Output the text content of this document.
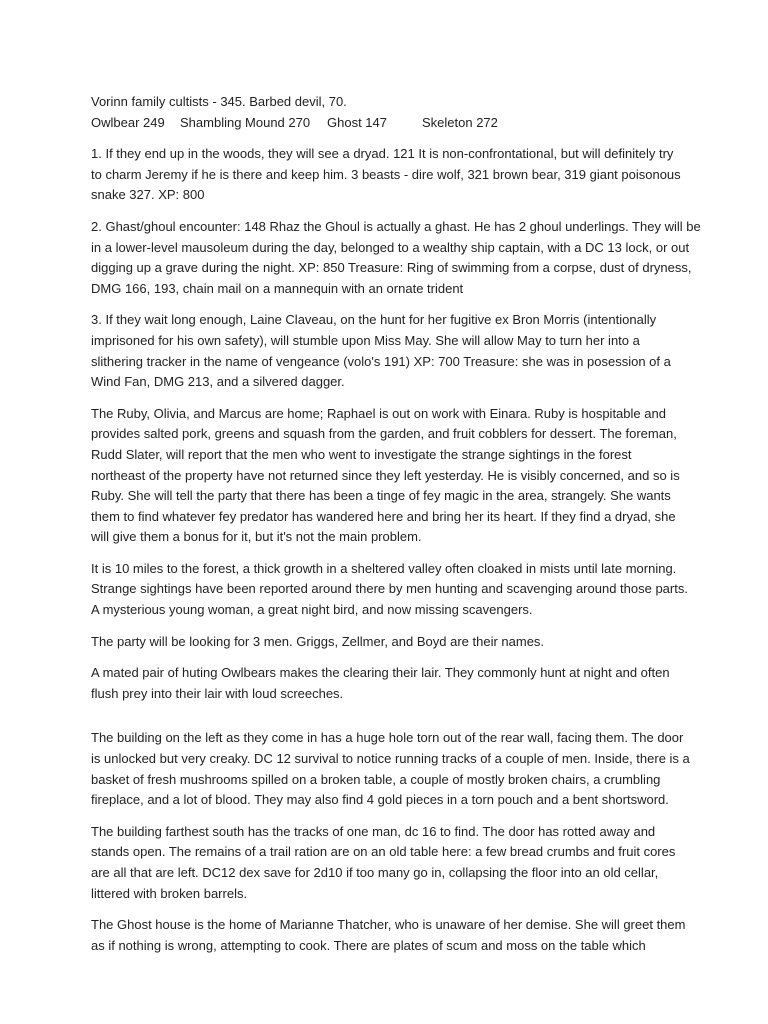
Vorinn family cultists - 345. Barbed devil, 70.
Owlbear 249	Shambling Mound 270	Ghost 147	Skeleton 272
1. If they end up in the woods, they will see a dryad. 121 It is non-confrontational, but will definitely try
to charm Jeremy if he is there and keep him. 3 beasts - dire wolf, 321 brown bear, 319 giant poisonous
snake 327. XP: 800
2. Ghast/ghoul encounter: 148 Rhaz the Ghoul is actually a ghast. He has 2 ghoul underlings. They will be
in a lower-level mausoleum during the day, belonged to a wealthy ship captain, with a DC 13 lock, or out
digging up a grave during the night. XP: 850 Treasure: Ring of swimming from a corpse, dust of dryness,
DMG 166, 193, chain mail on a mannequin with an ornate trident
3. If they wait long enough, Laine Claveau, on the hunt for her fugitive ex Bron Morris (intentionally
imprisoned for his own safety), will stumble upon Miss May. She will allow May to turn her into a
slithering tracker in the name of vengeance (volo's 191) XP: 700 Treasure: she was in posession of a
Wind Fan, DMG 213, and a silvered dagger.
The Ruby, Olivia, and Marcus are home; Raphael is out on work with Einara. Ruby is hospitable and
provides salted pork, greens and squash from the garden, and fruit cobblers for dessert. The foreman,
Rudd Slater, will report that the men who went to investigate the strange sightings in the forest
northeast of the property have not returned since they left yesterday. He is visibly concerned, and so is
Ruby. She will tell the party that there has been a tinge of fey magic in the area, strangely. She wants
them to find whatever fey predator has wandered here and bring her its heart. If they find a dryad, she
will give them a bonus for it, but it's not the main problem.
It is 10 miles to the forest, a thick growth in a sheltered valley often cloaked in mists until late morning.
Strange sightings have been reported around there by men hunting and scavenging around those parts.
A mysterious young woman, a great night bird, and now missing scavengers.
The party will be looking for 3 men. Griggs, Zellmer, and Boyd are their names.
A mated pair of huting Owlbears makes the clearing their lair. They commonly hunt at night and often
flush prey into their lair with loud screeches.
The building on the left as they come in has a huge hole torn out of the rear wall, facing them. The door
is unlocked but very creaky. DC 12 survival to notice running tracks of a couple of men. Inside, there is a
basket of fresh mushrooms spilled on a broken table, a couple of mostly broken chairs, a crumbling
fireplace, and a lot of blood. They may also find 4 gold pieces in a torn pouch and a bent shortsword.
The building farthest south has the tracks of one man, dc 16 to find. The door has rotted away and
stands open. The remains of a trail ration are on an old table here: a few bread crumbs and fruit cores
are all that are left. DC12 dex save for 2d10 if too many go in, collapsing the floor into an old cellar,
littered with broken barrels.
The Ghost house is the home of Marianne Thatcher, who is unaware of her demise. She will greet them
as if nothing is wrong, attempting to cook. There are plates of scum and moss on the table which
